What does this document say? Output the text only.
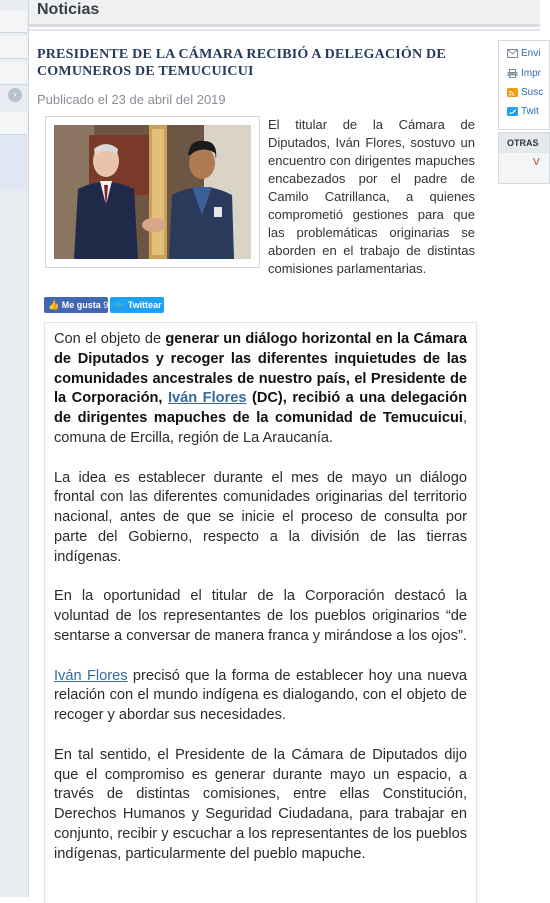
›
Noticias
PRESIDENTE DE LA CÁMARA RECIBIÓ A DELEGACIÓN DE COMUNEROS DE TEMUCUICUI
Publicado el 23 de abril del 2019
El titular de la Cámara de Diputados, Iván Flores, sostuvo un encuentro con dirigentes mapuches encabezados por el padre de Camilo Catrillanca, a quienes comprometió gestiones para que las problemáticas originarias se aborden en el trabajo de distintas comisiones parlamentarias.
👍 Me gusta 9 🐦 Twittear

Con el objeto de generar un diálogo horizontal en la Cámara de Diputados y recoger las diferentes inquietudes de las comunidades ancestrales de nuestro país, el Presidente de la Corporación, Iván Flores (DC), recibió a una delegación de dirigentes mapuches de la comunidad de Temucuicui, comuna de Ercilla, región de La Araucanía.

La idea es establecer durante el mes de mayo un diálogo frontal con las diferentes comunidades originarias del territorio nacional, antes de que se inicie el proceso de consulta por parte del Gobierno, respecto a la división de las tierras indígenas.

En la oportunidad el titular de la Corporación destacó la voluntad de los representantes de los pueblos originarios “de sentarse a conversar de manera franca y mirándose a los ojos”.

Iván Flores precisó que la forma de establecer hoy una nueva relación con el mundo indígena es dialogando, con el objeto de recoger y abordar sus necesidades.

En tal sentido, el Presidente de la Cámara de Diputados dijo que el compromiso es generar durante mayo un espacio, a través de distintas comisiones, entre ellas Constitución, Derechos Humanos y Seguridad Ciudadana, para trabajar en conjunto, recibir y escuchar a los representantes de los pueblos indígenas, particularmente del pueblo mapuche.

Envi
Impr
Susc
Twit
OTRAS
V
